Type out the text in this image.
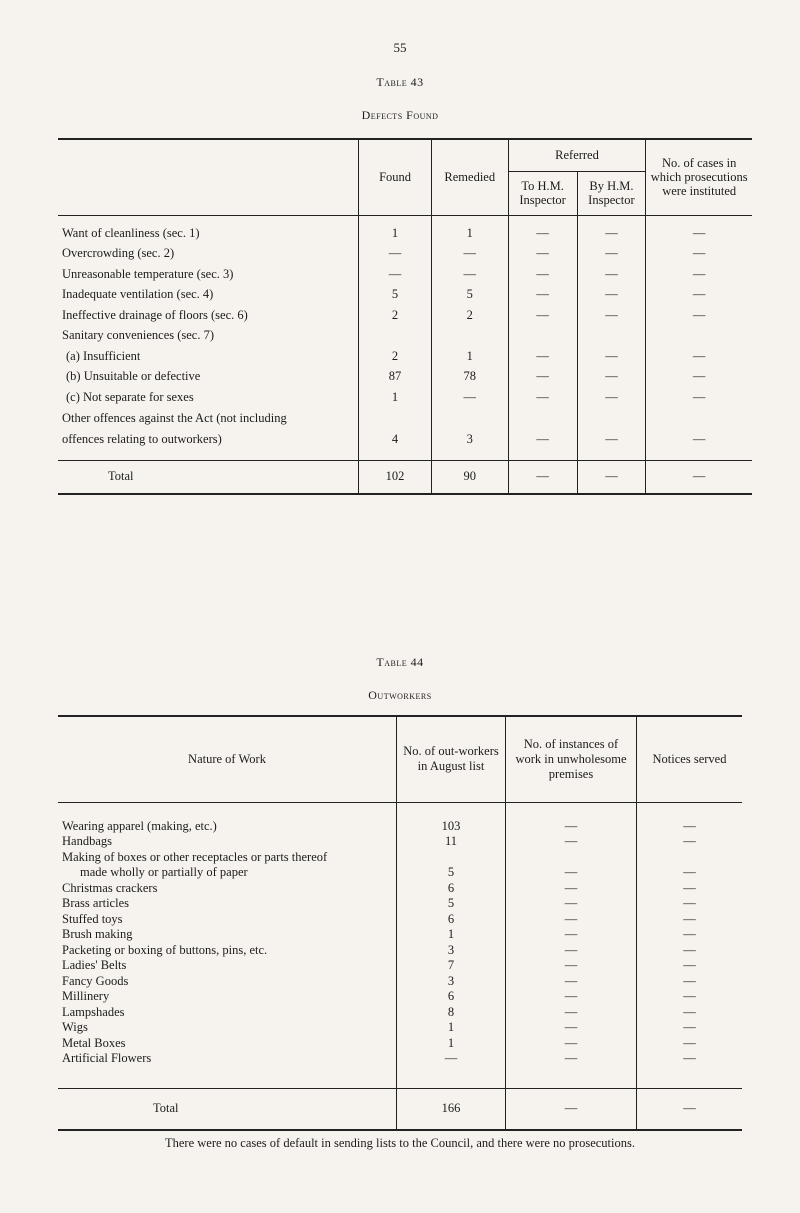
55
Table 43
Defects Found
	Found	Remedied	Referred		No. of cases in which prosecutions were instituted
			To H.M. Inspector	By H.M. Inspector	

Want of cleanliness (sec. 1)	1	1	—	—	—
Overcrowding (sec. 2)	—	—	—	—	—
Unreasonable temperature (sec. 3)	—	—	—	—	—
Inadequate ventilation (sec. 4)	5	5	—	—	—
Ineffective drainage of floors (sec. 6)	2	2	—	—	—
Sanitary conveniences (sec. 7)					
(a) Insufficient	2	1	—	—	—
(b) Unsuitable or defective	87	78	—	—	—
(c) Not separate for sexes	1	—	—	—	—
Other offences against the Act (not including					
offences relating to outworkers)	4	3	—	—	—

Total	102	90	—	—	—
Table 44
Outworkers
Nature of Work	No. of out-workers in August list	No. of instances of work in unwholesome premises	Notices served

Wearing apparel (making, etc.)	103	—	—
Handbags	11	—	—
Making of boxes or other receptacles or parts thereof			
made wholly or partially of paper	5	—	—
Christmas crackers	6	—	—
Brass articles	5	—	—
Stuffed toys	6	—	—
Brush making	1	—	—
Packeting or boxing of buttons, pins, etc.	3	—	—
Ladies' Belts	7	—	—
Fancy Goods	3	—	—
Millinery	6	—	—
Lampshades	8	—	—
Wigs	1	—	—
Metal Boxes	1	—	—
Artificial Flowers	—	—	—

Total	166	—	—
There were no cases of default in sending lists to the Council, and there were no prosecutions.
